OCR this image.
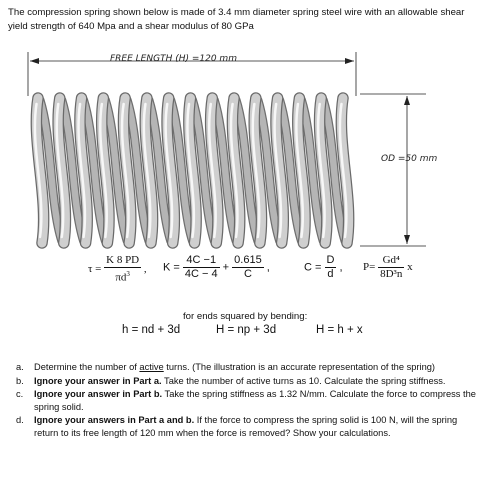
The compression spring shown below is made of 3.4 mm diameter spring steel wire with an allowable shear yield strength of 640 Mpa and a shear modulus of 80 GPa
FREE LENGTH (H) =120 mm
OD =50 mm
$\tau = \frac{K 8 PD}{\pi d^3}$ , $K = \frac{4C -1}{4C - 4} + \frac{0.615}{C}$ ,	$C = \frac{D}{d}$ , $P= \frac{\text{Gd⁴}}{\text{8D³n}}$ x
for ends squared by bending:
h = nd + 3d	H = np + 3d	H = h + x
a. Determine the number of active turns. (The illustration is an accurate representation of the spring)
b. Ignore your answer in Part a. Take the number of active turns as 10. Calculate the spring stiffness.
c. Ignore your answer in Part b. Take the spring stiffness as 1.32 N/mm. Calculate the force to compress the spring solid.
d. Ignore your answers in Part a and b. If the force to compress the spring solid is 100 N, will the spring return to its free length of 120 mm when the force is removed? Show your calculations.
